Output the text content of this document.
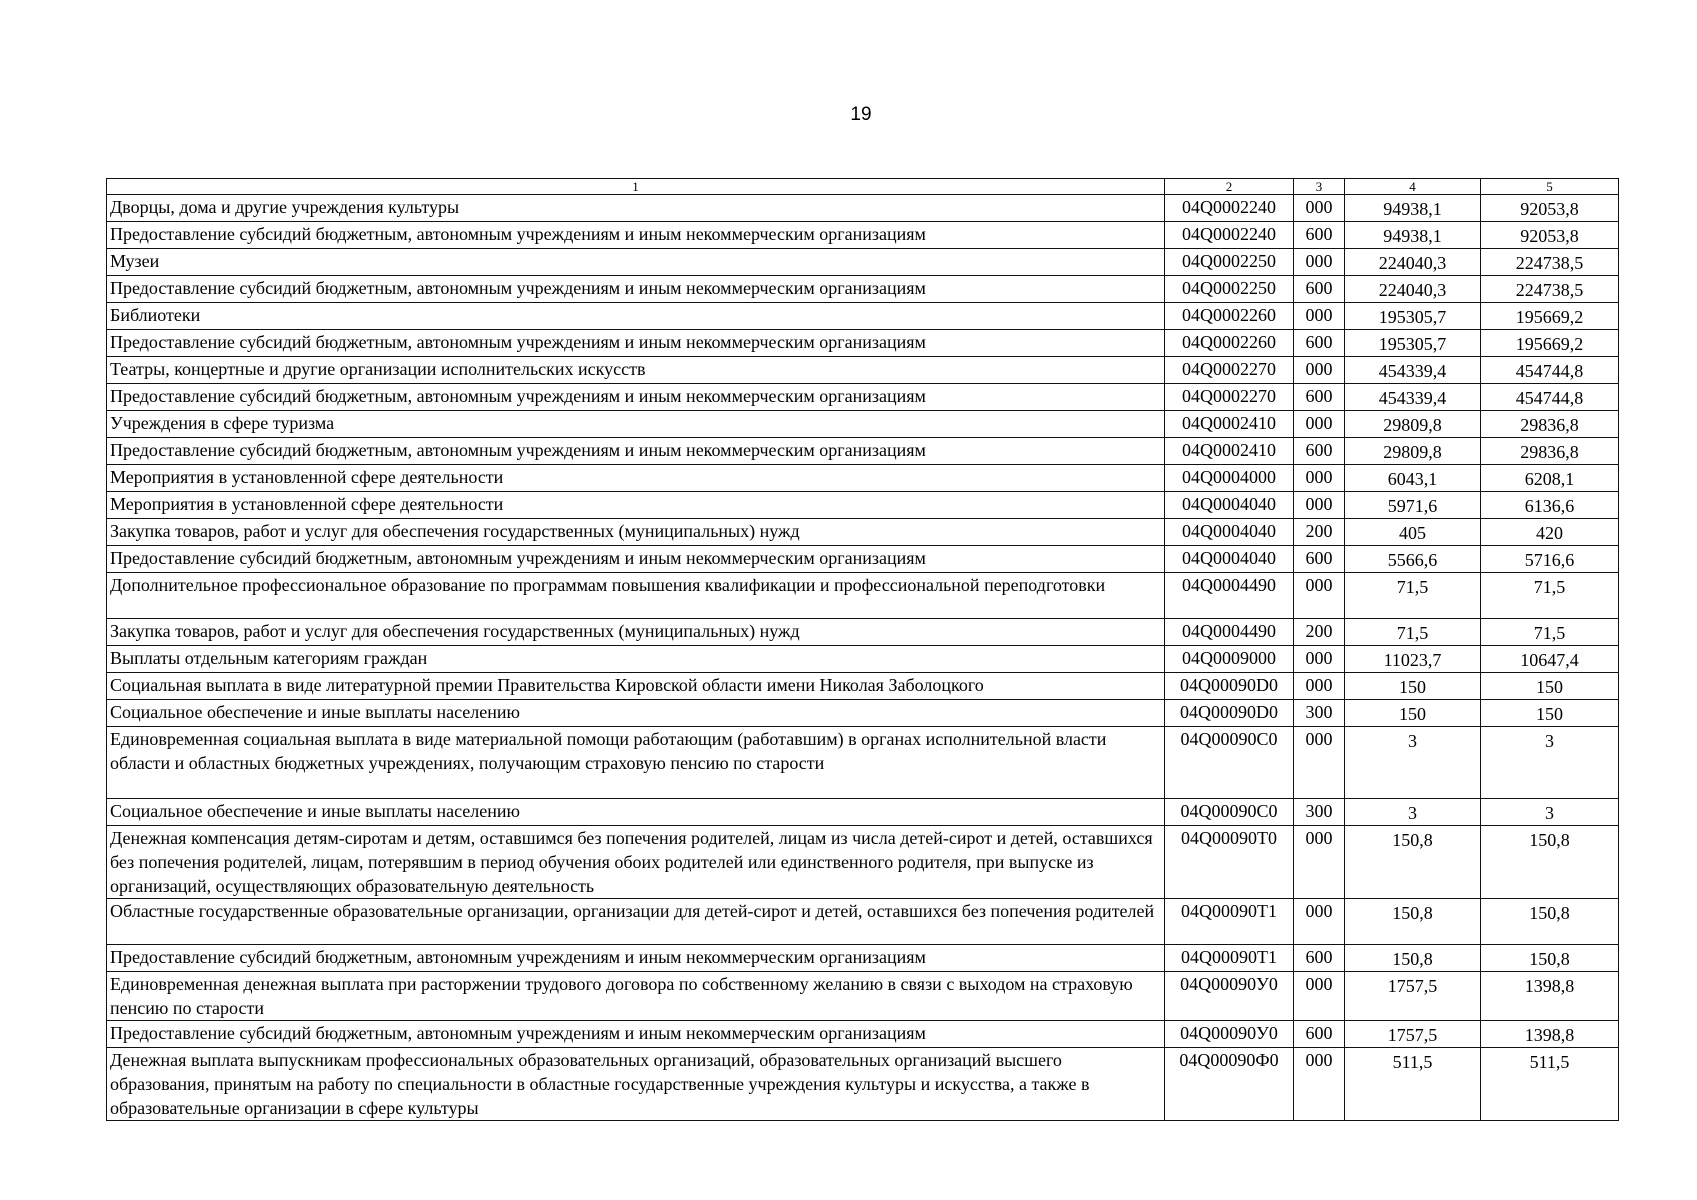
19
1	2	3	4	5
Дворцы, дома и другие учреждения культуры	04Q0002240	000	94938,1	92053,8
Предоставление субсидий бюджетным, автономным учреждениям и иным некоммерческим организациям	04Q0002240	600	94938,1	92053,8
Музеи	04Q0002250	000	224040,3	224738,5
Предоставление субсидий бюджетным, автономным учреждениям и иным некоммерческим организациям	04Q0002250	600	224040,3	224738,5
Библиотеки	04Q0002260	000	195305,7	195669,2
Предоставление субсидий бюджетным, автономным учреждениям и иным некоммерческим организациям	04Q0002260	600	195305,7	195669,2
Театры, концертные и другие организации исполнительских искусств	04Q0002270	000	454339,4	454744,8
Предоставление субсидий бюджетным, автономным учреждениям и иным некоммерческим организациям	04Q0002270	600	454339,4	454744,8
Учреждения в сфере туризма	04Q0002410	000	29809,8	29836,8
Предоставление субсидий бюджетным, автономным учреждениям и иным некоммерческим организациям	04Q0002410	600	29809,8	29836,8
Мероприятия в установленной сфере деятельности	04Q0004000	000	6043,1	6208,1
Мероприятия в установленной сфере деятельности	04Q0004040	000	5971,6	6136,6
Закупка товаров, работ и услуг для обеспечения государственных (муниципальных) нужд	04Q0004040	200	405	420
Предоставление субсидий бюджетным, автономным учреждениям и иным некоммерческим организациям	04Q0004040	600	5566,6	5716,6
Дополнительное профессиональное образование по программам повышения квалификации и профессиональной переподготовки	04Q0004490	000	71,5	71,5
Закупка товаров, работ и услуг для обеспечения государственных (муниципальных) нужд	04Q0004490	200	71,5	71,5
Выплаты отдельным категориям граждан	04Q0009000	000	11023,7	10647,4
Социальная выплата в виде литературной премии Правительства Кировской области имени Николая Заболоцкого	04Q00090D0	000	150	150
Социальное обеспечение и иные выплаты населению	04Q00090D0	300	150	150
Единовременная социальная выплата в виде материальной помощи работающим (работавшим) в органах исполнительной власти области и областных бюджетных учреждениях, получающим страховую пенсию по старости	04Q00090C0	000	3	3
Социальное обеспечение и иные выплаты населению	04Q00090C0	300	3	3
Денежная компенсация детям-сиротам и детям, оставшимся без попечения родителей, лицам из числа детей-сирот и детей, оставшихся без попечения родителей, лицам, потерявшим в период обучения обоих родителей или единственного родителя, при выпуске из организаций, осуществляющих образовательную деятельность	04Q00090T0	000	150,8	150,8
Областные государственные образовательные организации, организации для детей-сирот и детей, оставшихся без попечения родителей	04Q00090T1	000	150,8	150,8
Предоставление субсидий бюджетным, автономным учреждениям и иным некоммерческим организациям	04Q00090T1	600	150,8	150,8
Единовременная денежная выплата при расторжении трудового договора по собственному желанию в связи с выходом на страховую пенсию по старости	04Q00090У0	000	1757,5	1398,8
Предоставление субсидий бюджетным, автономным учреждениям и иным некоммерческим организациям	04Q00090У0	600	1757,5	1398,8
Денежная выплата выпускникам профессиональных образовательных организаций, образовательных организаций высшего образования, принятым на работу по специальности в областные государственные учреждения культуры и искусства, а также в образовательные организации в сфере культуры	04Q00090Ф0	000	511,5	511,5
